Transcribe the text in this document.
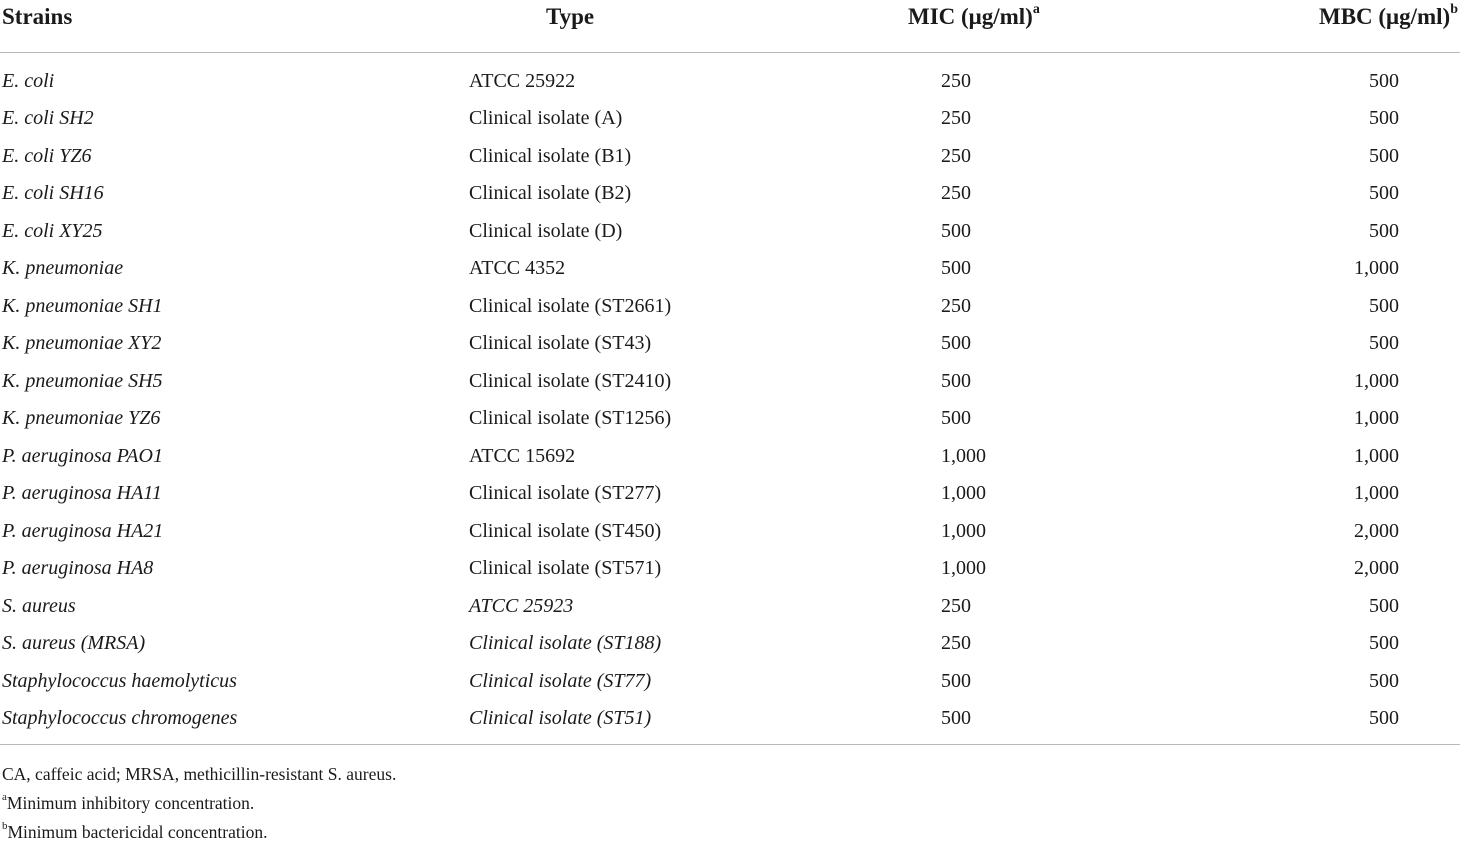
Strains	Type	MIC $(\mu g/ml)^a$	MBC $(\mu g/ml)^b$
E. coli	ATCC 25922	250	500
E. coli SH2	Clinical isolate (A)	250	500
E. coli YZ6	Clinical isolate (B1)	250	500
E. coli SH16	Clinical isolate (B2)	250	500
E. coli XY25	Clinical isolate (D)	500	500
K. pneumoniae	ATCC 4352	500	1,000
K. pneumoniae SH1	Clinical isolate (ST2661)	250	500
K. pneumoniae XY2	Clinical isolate (ST43)	500	500
K. pneumoniae SH5	Clinical isolate (ST2410)	500	1,000
K. pneumoniae YZ6	Clinical isolate (ST1256)	500	1,000
P. aeruginosa PAO1	ATCC 15692	1,000	1,000
P. aeruginosa HA11	Clinical isolate (ST277)	1,000	1,000
P. aeruginosa HA21	Clinical isolate (ST450)	1,000	2,000
P. aeruginosa HA8	Clinical isolate (ST571)	1,000	2,000
S. aureus	ATCC 25923	250	500
S. aureus (MRSA)	Clinical isolate (ST188)	250	500
Staphylococcus haemolyticus	Clinical isolate (ST77)	500	500
Staphylococcus chromogenes	Clinical isolate (ST51)	500	500
CA, caffeic acid; MRSA, methicillin-resistant S. aureus.
$^a$Minimum inhibitory concentration.
$^b$Minimum bactericidal concentration.
